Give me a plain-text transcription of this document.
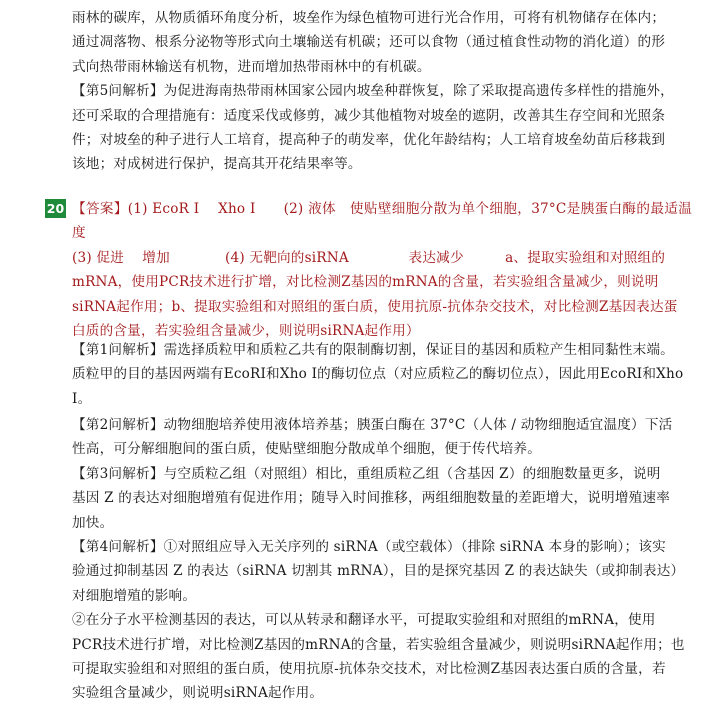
雨林的碳库，从物质循环角度分析，坡垒作为绿色植物可进行光合作用，可将有机物储存在体内；
通过凋落物、根系分泌物等形式向土壤输送有机碳；还可以食物（通过植食性动物的消化道）的形
式向热带雨林输送有机物，进而增加热带雨林中的有机碳。
【第5问解析】为促进海南热带雨林国家公园内坡垒种群恢复，除了采取提高遗传多样性的措施外，
还可采取的合理措施有：适度采伐或修剪，减少其他植物对坡垒的遮阴，改善其生存空间和光照条
件；对坡垒的种子进行人工培育，提高种子的萌发率，优化年龄结构；人工培育坡垒幼苗后移栽到
该地；对成树进行保护，提高其开花结果率等。
20 【答案】(1) EcoR I　 Xho I　　(2) 液体　使贴壁细胞分散为单个细胞，37°C是胰蛋白酶的最适温度
(3) 促进　 增加　　　　(4) 无靶向的siRNA　　　　 表达减少　　　a、提取实验组和对照组的
mRNA，使用PCR技术进行扩增，对比检测Z基因的mRNA的含量，若实验组含量减少，则说明
siRNA起作用；b、提取实验组和对照组的蛋白质，使用抗原-抗体杂交技术，对比检测Z基因表达蛋
白质的含量，若实验组含量减少，则说明siRNA起作用）
【第1问解析】需选择质粒甲和质粒乙共有的限制酶切割，保证目的基因和质粒产生相同黏性末端。
质粒甲的目的基因两端有EcoRI和Xho I的酶切位点（对应质粒乙的酶切位点），因此用EcoRI和Xho
I。
【第2问解析】动物细胞培养使用液体培养基；胰蛋白酶在 37°C（人体 / 动物细胞适宜温度）下活
性高，可分解细胞间的蛋白质，使贴壁细胞分散成单个细胞，便于传代培养。
【第3问解析】与空质粒乙组（对照组）相比，重组质粒乙组（含基因 Z）的细胞数量更多，说明
基因 Z 的表达对细胞增殖有促进作用；随导入时间推移，两组细胞数量的差距增大，说明增殖速率
加快。
【第4问解析】①对照组应导入无关序列的 siRNA（或空载体）（排除 siRNA 本身的影响）；该实
验通过抑制基因 Z 的表达（siRNA 切割其 mRNA），目的是探究基因 Z 的表达缺失（或抑制表达）
对细胞增殖的影响。
②在分子水平检测基因的表达，可以从转录和翻译水平，可提取实验组和对照组的mRNA，使用
PCR技术进行扩增，对比检测Z基因的mRNA的含量，若实验组含量减少，则说明siRNA起作用；也
可提取实验组和对照组的蛋白质，使用抗原-抗体杂交技术，对比检测Z基因表达蛋白质的含量，若
实验组含量减少，则说明siRNA起作用。
